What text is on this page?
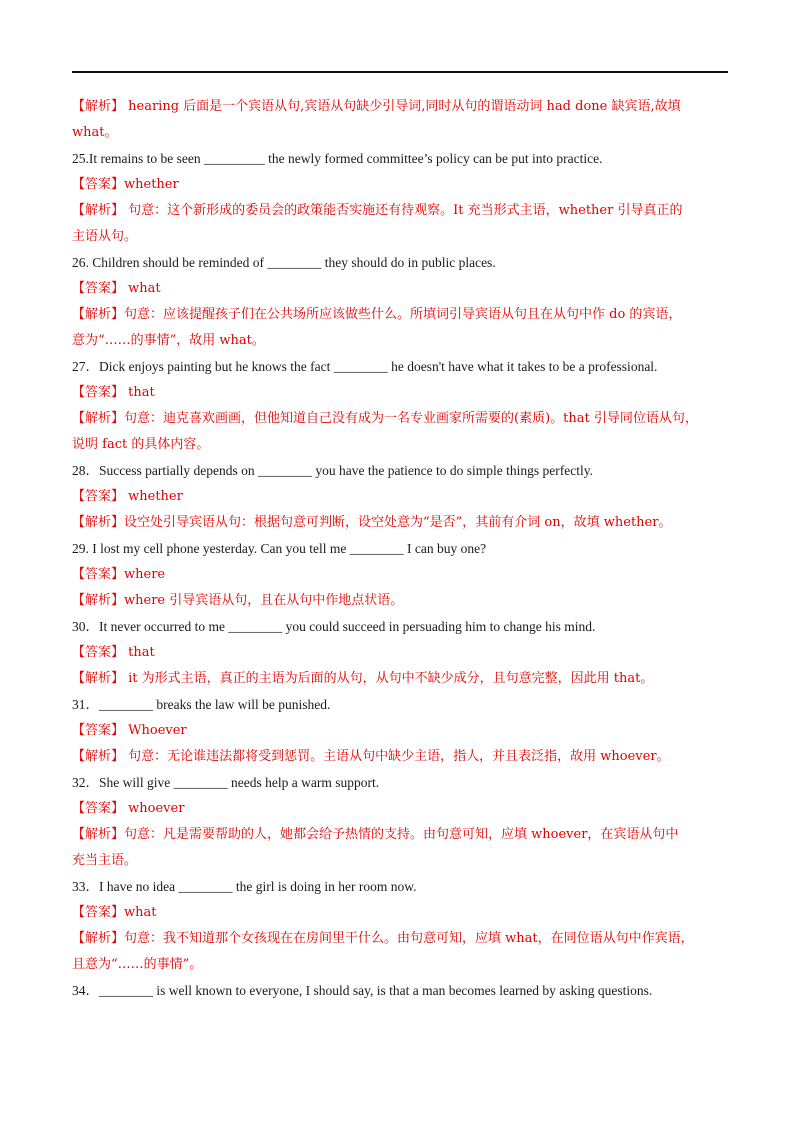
【解析】 hearing 后面是一个宾语从句,宾语从句缺少引导词,同时从句的谓语动词 had done 缺宾语,故填
what。
25.It remains to be seen _________ the newly formed committee’s policy can be put into practice.
【答案】whether
【解析】 句意：这个新形成的委员会的政策能否实施还有待观察。It 充当形式主语，whether 引导真正的
主语从句。
26. Children should be reminded of ________ they should do in public places.
【答案】 what
【解析】句意：应该提醒孩子们在公共场所应该做些什么。所填词引导宾语从句且在从句中作 do 的宾语，
意为“……的事情”，故用 what。
27．Dick enjoys painting but he knows the fact ________ he doesn't have what it takes to be a professional.
【答案】 that
【解析】句意：迪克喜欢画画，但他知道自己没有成为一名专业画家所需要的(素质)。that 引导同位语从句，
说明 fact 的具体内容。
28．Success partially depends on ________ you have the patience to do simple things perfectly.
【答案】 whether
【解析】设空处引导宾语从句：根据句意可判断，设空处意为“是否”，其前有介词 on，故填 whether。
29. I lost my cell phone yesterday. Can you tell me ________ I can buy one?
【答案】where
【解析】where 引导宾语从句，且在从句中作地点状语。
30．It never occurred to me ________ you could succeed in persuading him to change his mind.
【答案】 that
【解析】 it 为形式主语，真正的主语为后面的从句，从句中不缺少成分，且句意完整，因此用 that。
31．________ breaks the law will be punished.
【答案】 Whoever
【解析】 句意：无论谁违法都将受到惩罚。主语从句中缺少主语，指人，并且表泛指，故用 whoever。
32．She will give ________ needs help a warm support.
【答案】 whoever
【解析】句意：凡是需要帮助的人，她都会给予热情的支持。由句意可知，应填 whoever，在宾语从句中
充当主语。
33．I have no idea ________ the girl is doing in her room now.
【答案】what
【解析】句意：我不知道那个女孩现在在房间里干什么。由句意可知，应填 what，在同位语从句中作宾语，
且意为“……的事情”。
34．________ is well known to everyone, I should say, is that a man becomes learned by asking questions.
